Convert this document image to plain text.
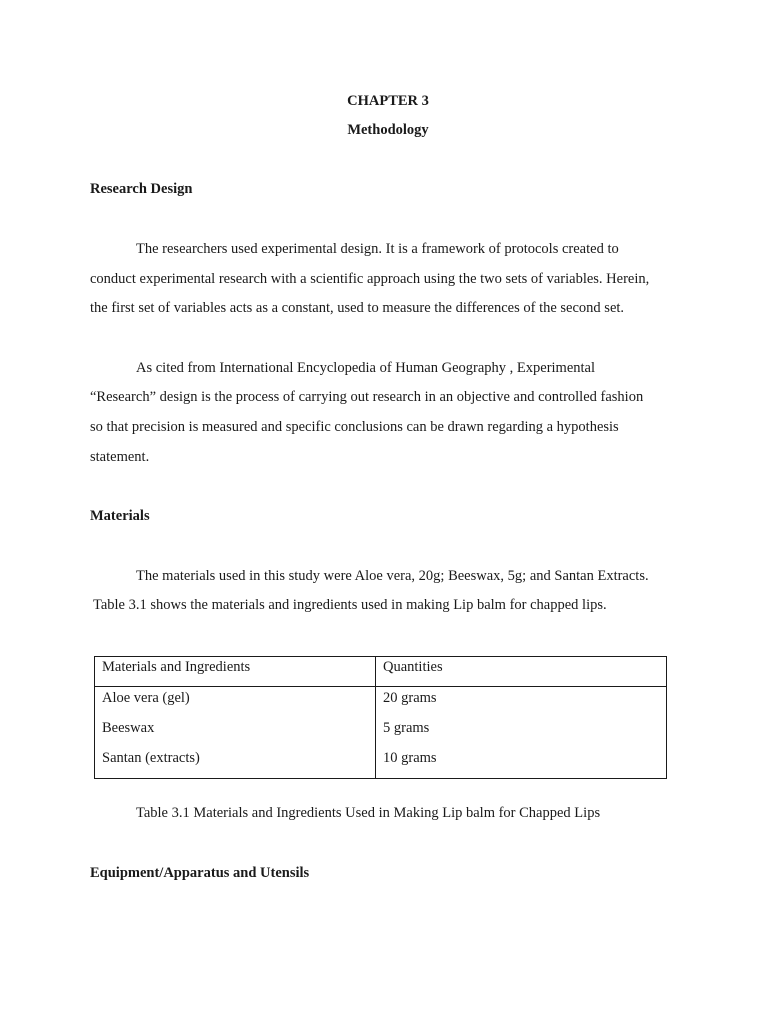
CHAPTER 3
Methodology
Research Design
The researchers used experimental design. It is a framework of protocols created to
conduct experimental research with a scientific approach using the two sets of variables. Herein,
the first set of variables acts as a constant, used to measure the differences of the second set.
As cited from International Encyclopedia of Human Geography , Experimental
“Research” design is the process of carrying out research in an objective and controlled fashion
so that precision is measured and specific conclusions can be drawn regarding a hypothesis
statement.
Materials
The materials used in this study were Aloe vera, 20g; Beeswax, 5g; and Santan Extracts.
Table 3.1 shows the materials and ingredients used in making Lip balm for chapped lips.
Materials and Ingredients	Quantities
Aloe vera (gel)	20 grams
Beeswax	5 grams
Santan (extracts)	10 grams
Table 3.1 Materials and Ingredients Used in Making Lip balm for Chapped Lips
Equipment/Apparatus and Utensils
